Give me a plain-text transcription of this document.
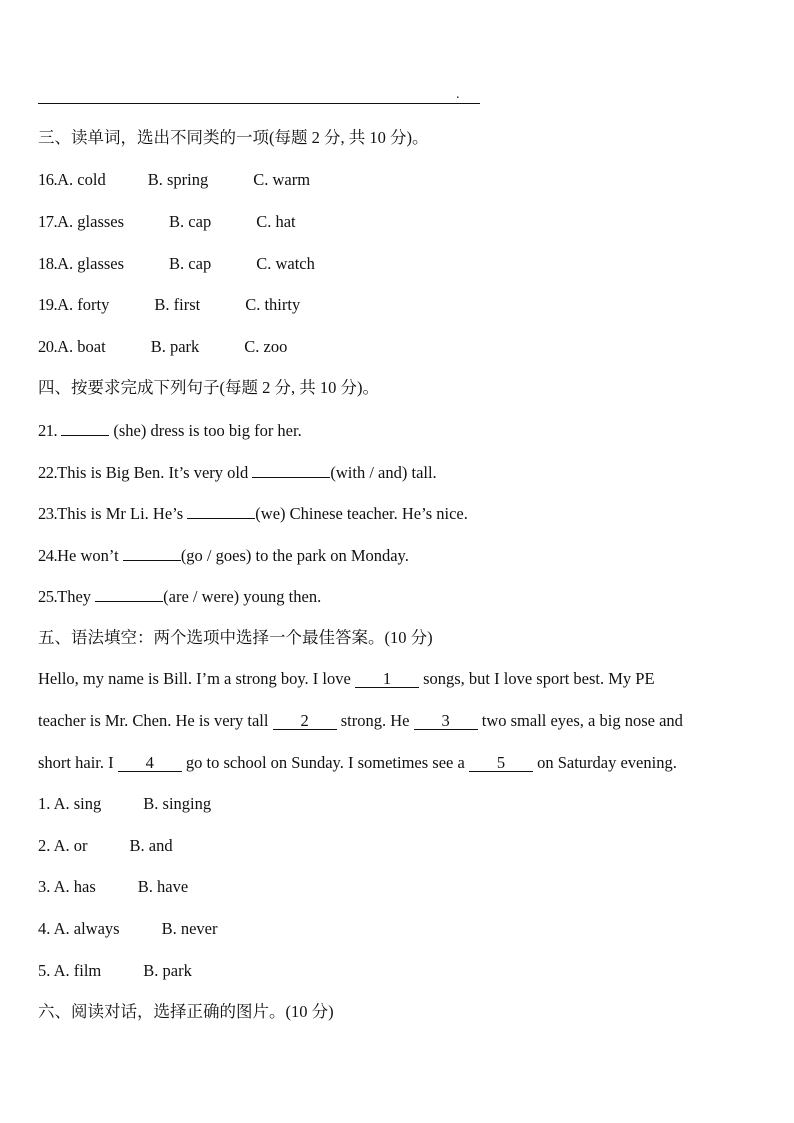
.
三、读单词，选出不同类的一项(每题 2 分, 共 10 分)。
16.A. cold	B. spring	C. warm
17.A. glasses	B. cap	C. hat
18.A. glasses	B. cap	C. watch
19.A. forty	B. first	C. thirty
20.A. boat	B. park	C. zoo
四、按要求完成下列句子(每题 2 分, 共 10 分)。
21.	(she) dress is too big for her.
22.This is Big Ben. It’s very old	(with / and) tall.
23.This is Mr Li. He’s	(we) Chinese teacher. He’s nice.
24.He won’t	(go / goes) to the park on Monday.
25.They	(are / were) young then.
五、语法填空：两个选项中选择一个最佳答案。(10 分)
Hello, my name is Bill. I’m a strong boy. I love 1 songs, but I love sport best. My PE
teacher is Mr. Chen. He is very tall 2 strong. He 3 two small eyes, a big nose and
short hair. I 4 go to school on Sunday. I sometimes see a 5 on Saturday evening.
1. A. sing	B. singing
2. A. or	B. and
3. A. has	B. have
4. A. always	B. never
5. A. film	B. park
六、阅读对话，选择正确的图片。(10 分)
